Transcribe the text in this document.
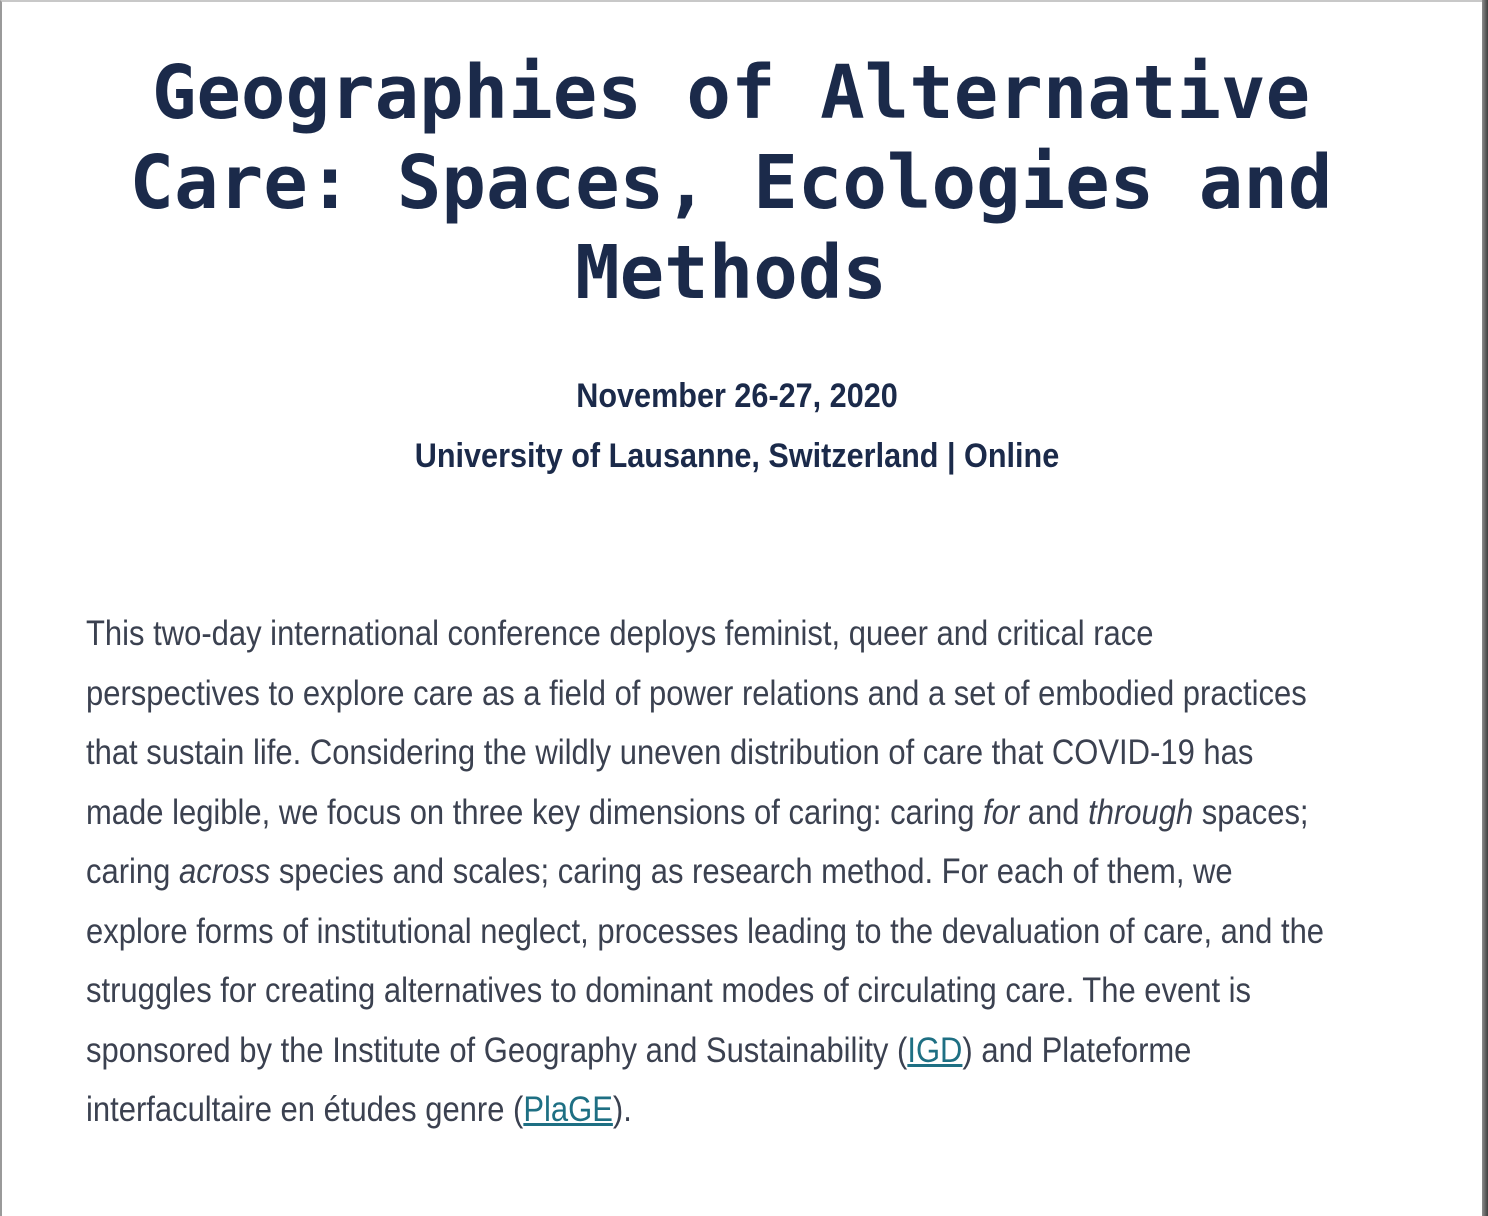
Geographies of Alternative Care: Spaces, Ecologies and Methods
November 26-27, 2020
University of Lausanne, Switzerland | Online

This two-day international conference deploys feminist, queer and critical race perspectives to explore care as a field of power relations and a set of embodied practices that sustain life. Considering the wildly uneven distribution of care that COVID-19 has made legible, we focus on three key dimensions of caring: caring for and through spaces; caring across species and scales; caring as research method. For each of them, we explore forms of institutional neglect, processes leading to the devaluation of care, and the struggles for creating alternatives to dominant modes of circulating care. The event is sponsored by the Institute of Geography and Sustainability (IGD) and Plateforme interfacultaire en études genre (PlaGE).
